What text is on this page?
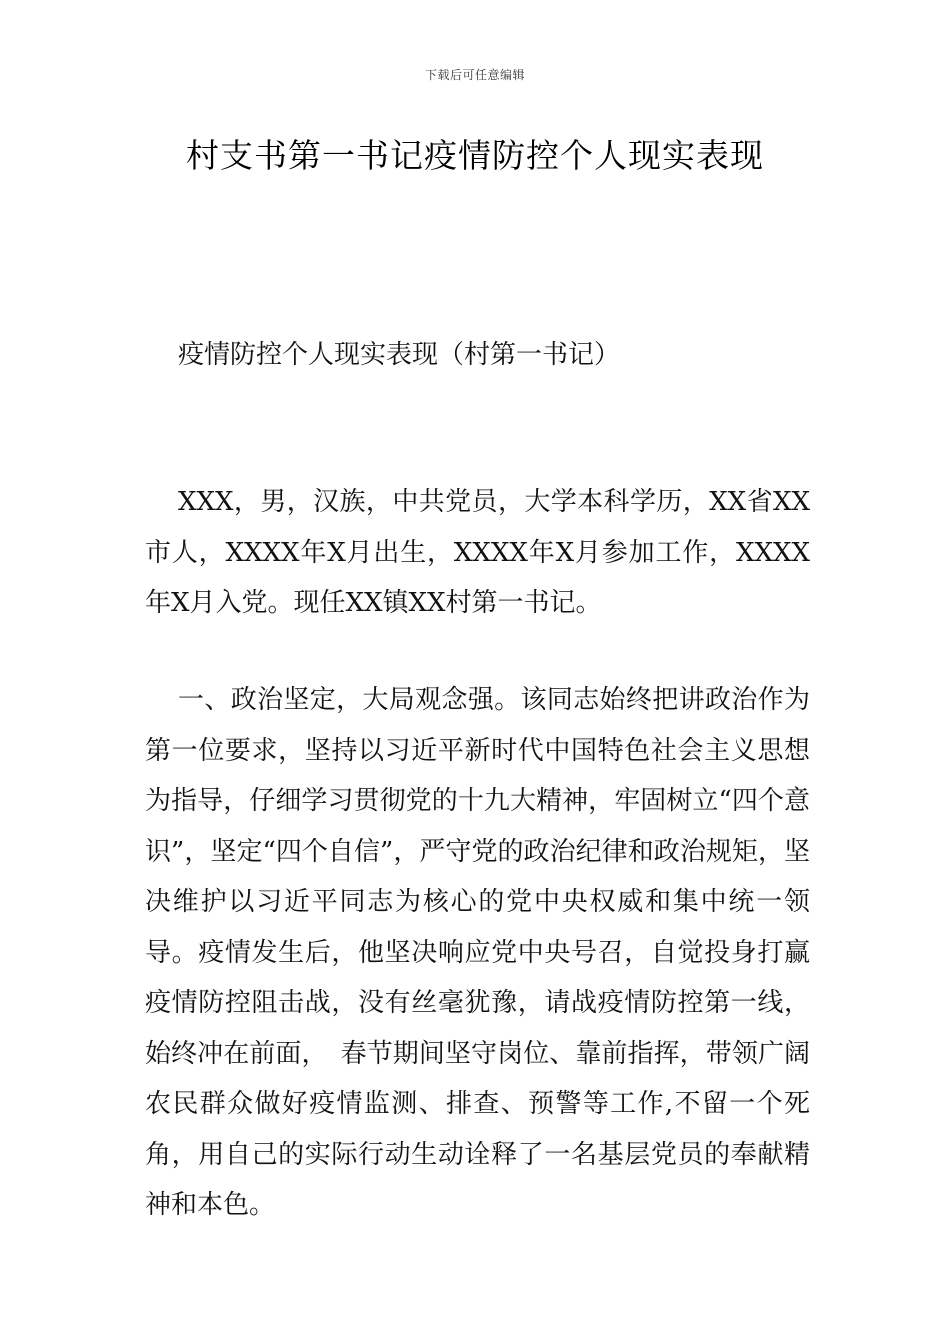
下载后可任意编辑
村支书第一书记疫情防控个人现实表现
疫情防控个人现实表现（村第一书记）
XXX，男，汉族，中共党员，大学本科学历，XX省XX市人，XXXX年X月出生，XXXX年X月参加工作，XXXX年X月入党。现任XX镇XX村第一书记。
一、政治坚定，大局观念强。该同志始终把讲政治作为第一位要求，坚持以习近平新时代中国特色社会主义思想为指导，仔细学习贯彻党的十九大精神，牢固树立“四个意识”，坚定“四个自信”，严守党的政治纪律和政治规矩，坚决维护以习近平同志为核心的党中央权威和集中统一领导。疫情发生后，他坚决响应党中央号召，自觉投身打赢疫情防控阻击战，没有丝毫犹豫，请战疫情防控第一线，始终冲在前面，　春节期间坚守岗位、靠前指挥，带领广阔农民群众做好疫情监测、排查、预警等工作,不留一个死角，用自己的实际行动生动诠释了一名基层党员的奉献精神和本色。
